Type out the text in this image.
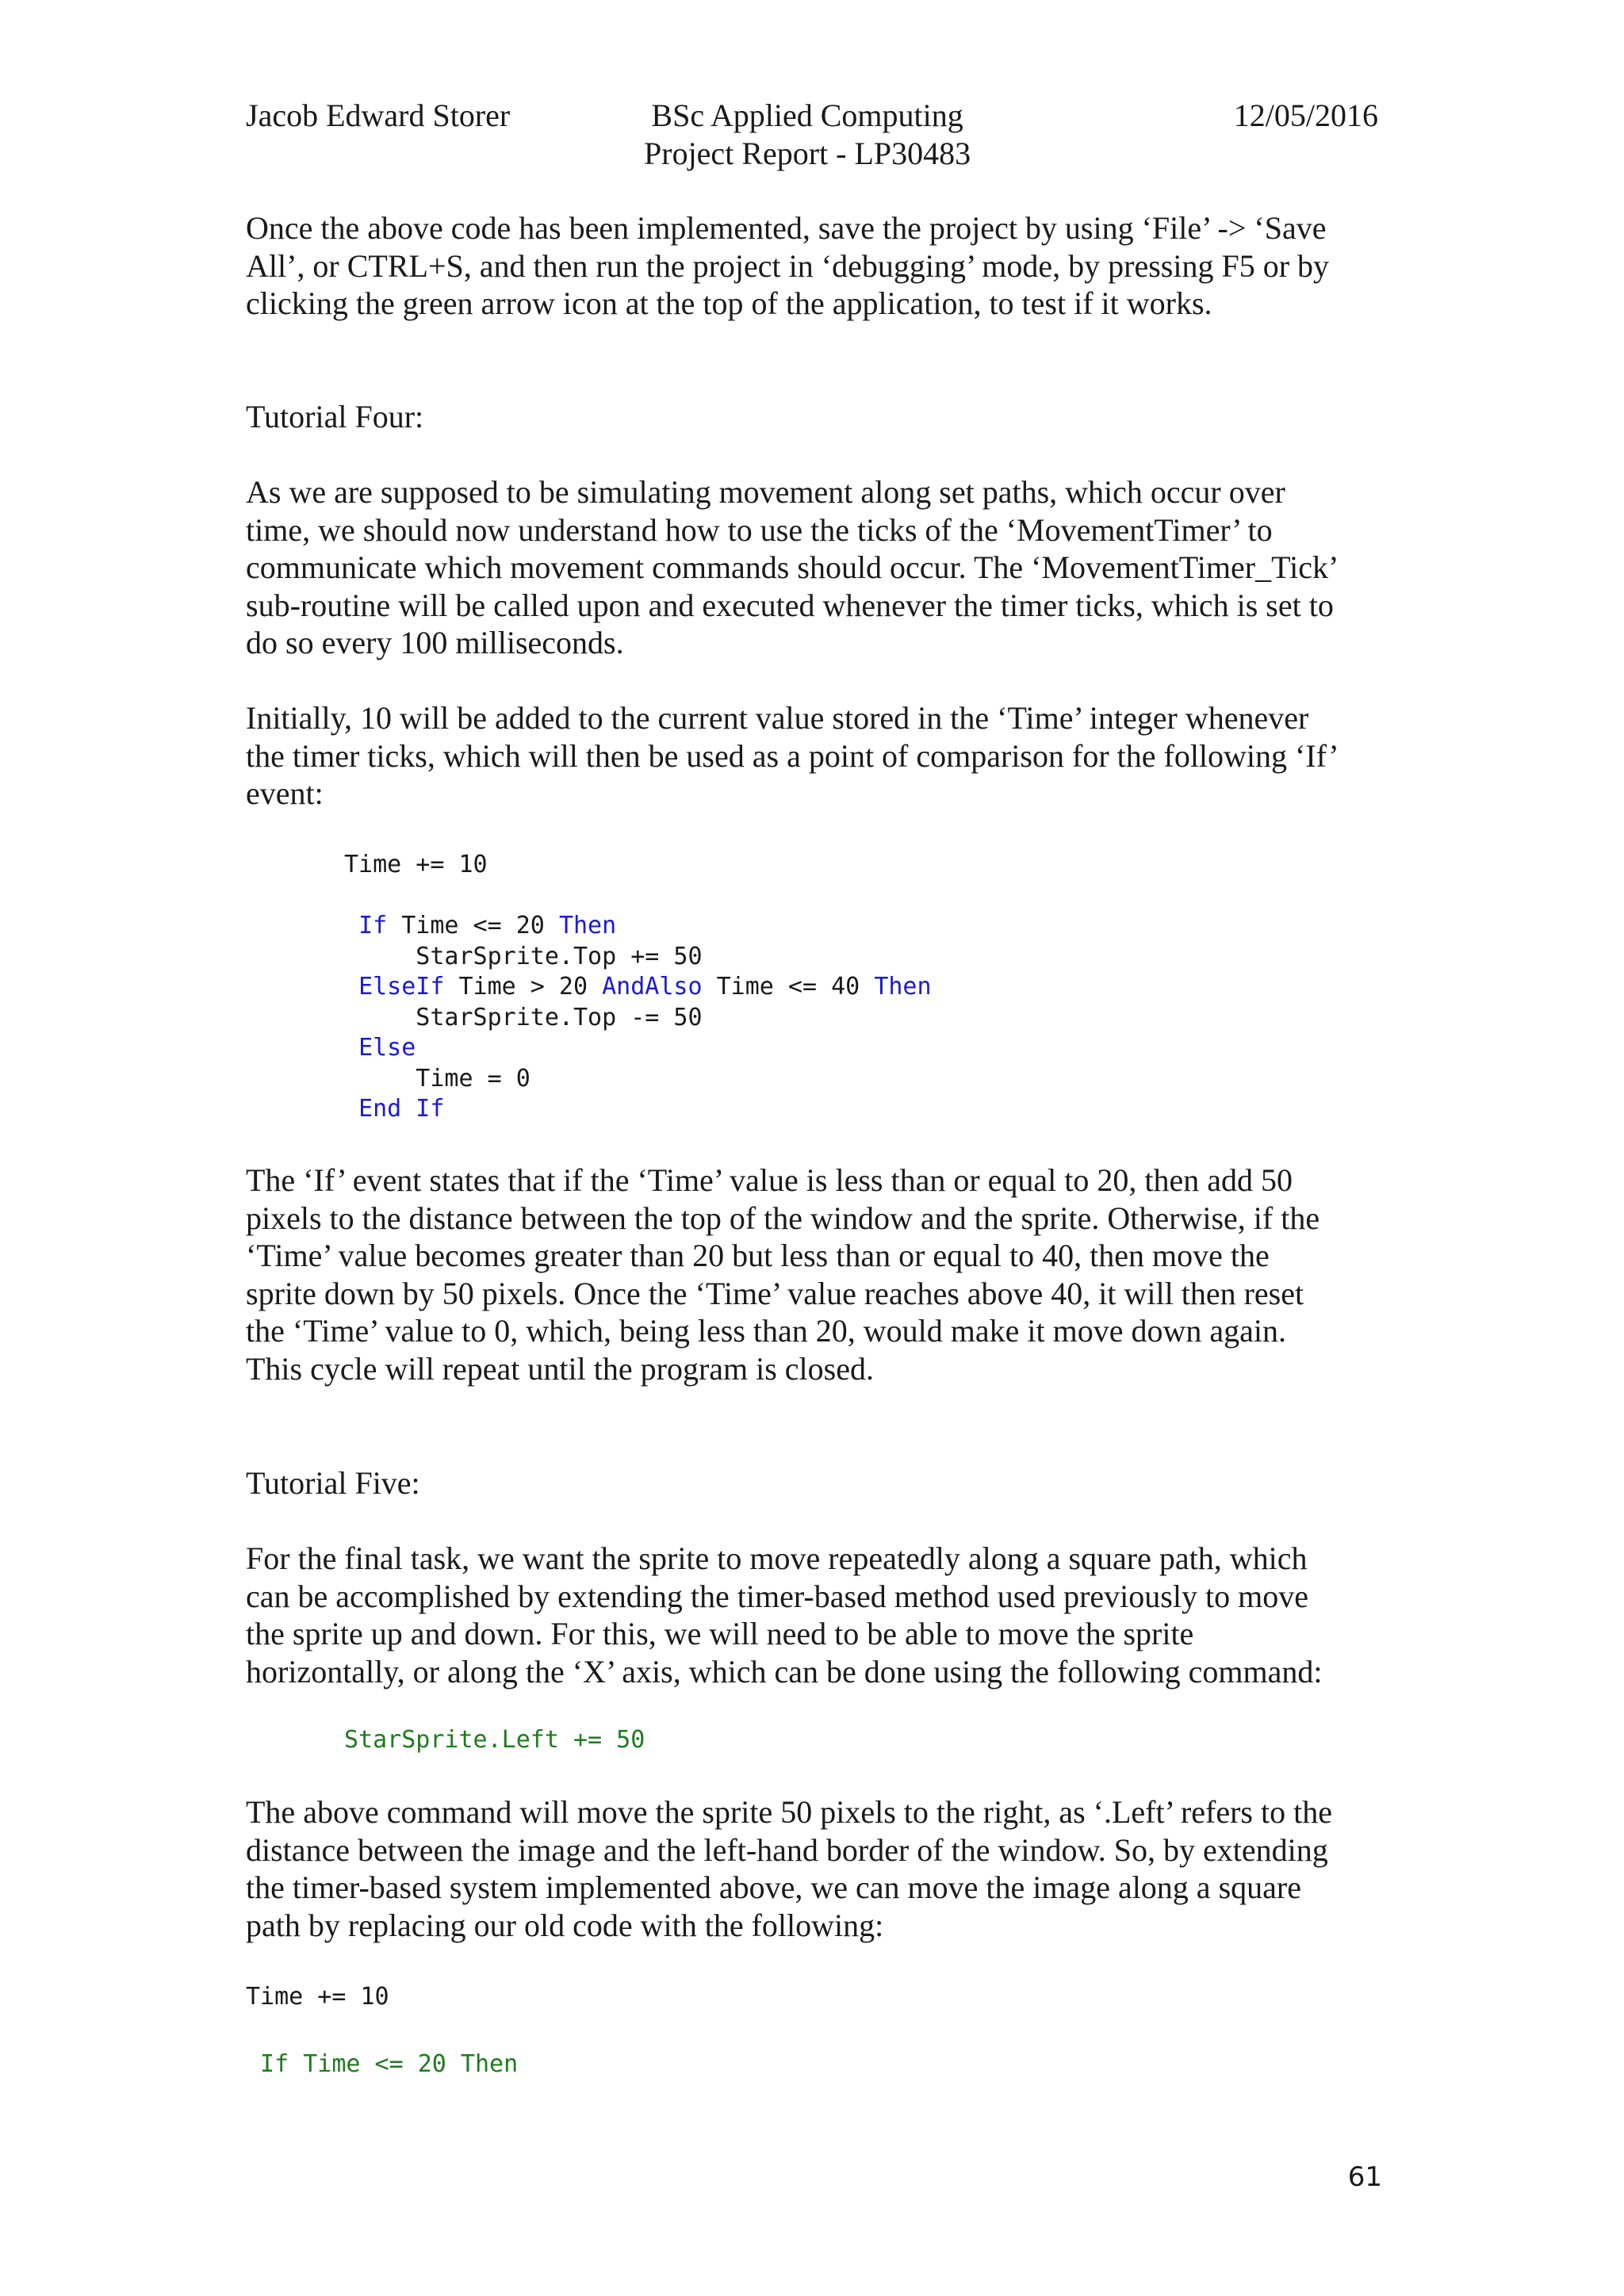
Jacob Edward Storer	BSc Applied Computing
Project Report - LP30483
12/05/2016
Once the above code has been implemented, save the project by using ‘File’ -> ‘Save
All’, or CTRL+S, and then run the project in ‘debugging’ mode, by pressing F5 or by
clicking the green arrow icon at the top of the application, to test if it works.
Tutorial Four:
As we are supposed to be simulating movement along set paths, which occur over
time, we should now understand how to use the ticks of the ‘MovementTimer’ to
communicate which movement commands should occur. The ‘MovementTimer_Tick’
sub-routine will be called upon and executed whenever the timer ticks, which is set to
do so every 100 milliseconds.
Initially, 10 will be added to the current value stored in the ‘Time’ integer whenever
the timer ticks, which will then be used as a point of comparison for the following ‘If’
event:
Time += 10
If Time <= 20 Then
StarSprite.Top += 50
ElseIf Time > 20 AndAlso Time <= 40 Then
StarSprite.Top -= 50
Else
Time = 0
End If
The ‘If’ event states that if the ‘Time’ value is less than or equal to 20, then add 50
pixels to the distance between the top of the window and the sprite. Otherwise, if the
‘Time’ value becomes greater than 20 but less than or equal to 40, then move the
sprite down by 50 pixels. Once the ‘Time’ value reaches above 40, it will then reset
the ‘Time’ value to 0, which, being less than 20, would make it move down again.
This cycle will repeat until the program is closed.
Tutorial Five:
For the final task, we want the sprite to move repeatedly along a square path, which
can be accomplished by extending the timer-based method used previously to move
the sprite up and down. For this, we will need to be able to move the sprite
horizontally, or along the ‘X’ axis, which can be done using the following command:
StarSprite.Left += 50
The above command will move the sprite 50 pixels to the right, as ‘.Left’ refers to the
distance between the image and the left-hand border of the window. So, by extending
the timer-based system implemented above, we can move the image along a square
path by replacing our old code with the following:
Time += 10
If Time <= 20 Then
61
